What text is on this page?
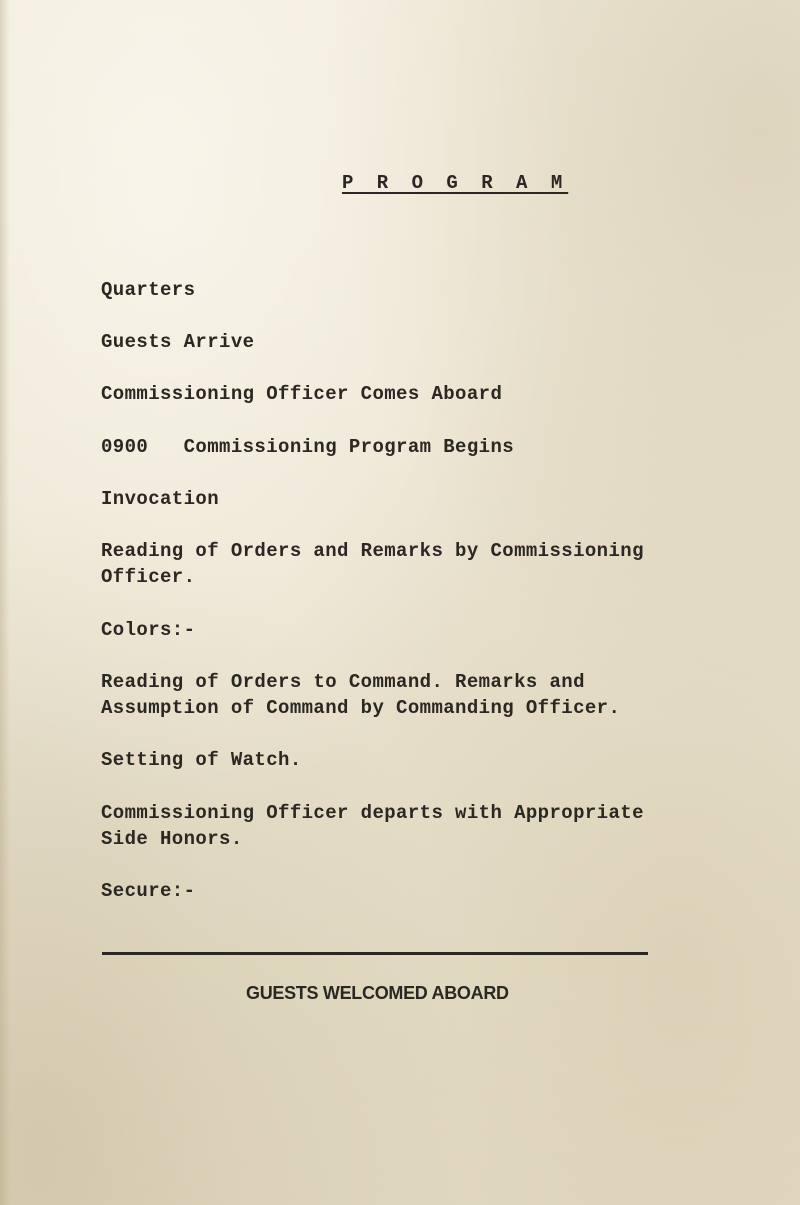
P R O G R A M

Quarters

Guests Arrive

Commissioning Officer Comes Aboard

0900   Commissioning Program Begins

Invocation

Reading of Orders and Remarks by Commissioning

Officer.

Colors:-

Reading of Orders to Command. Remarks and

Assumption of Command by Commanding Officer.

Setting of Watch.

Commissioning Officer departs with Appropriate

Side Honors.

Secure:-

GUESTS WELCOMED ABOARD
